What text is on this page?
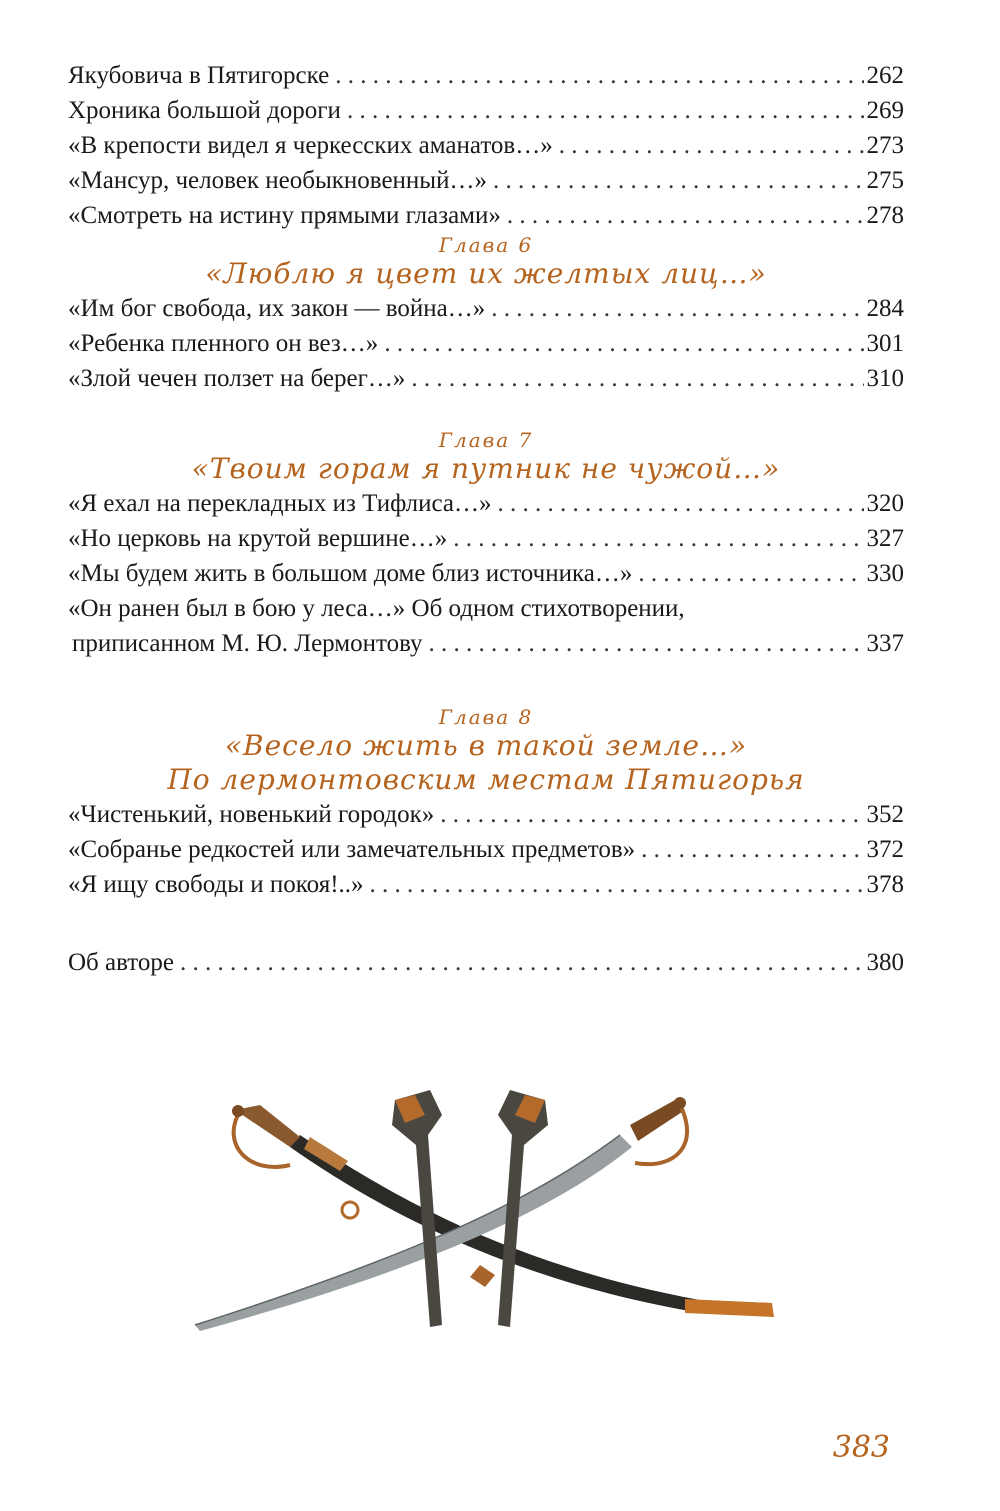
Якубовича в Пятигорске . . .	262
Хроника большой дороги . . .	269
«В крепости видел я черкесских аманатов…» . . .	273
«Мансур, человек необыкновенный…» . . .	275
«Смотреть на истину прямыми глазами» . . .	278
Глава 6
«Люблю я цвет их желтых лиц…»
«Им бог свобода, их закон — война…» . . .	284
«Ребенка пленного он вез…» . . .	301
«Злой чечен ползет на берег…» . . .	310
Глава 7
«Твоим горам я путник не чужой…»
«Я ехал на перекладных из Тифлиса…» . . .	320
«Но церковь на крутой вершине…» . . .	327
«Мы будем жить в большом доме близ источника…» . . .	330
«Он ранен был в бою у леса…» Об одном стихотворении,
приписанном М. Ю. Лермонтову . . .	337
Глава 8
«Весело жить в такой земле…»
По лермонтовским местам Пятигорья
«Чистенький, новенький городок» . . .	352
«Собранье редкостей или замечательных предметов» . . .	372
«Я ищу свободы и покоя!..» . . .	378
Об авторе . . .	380
383
